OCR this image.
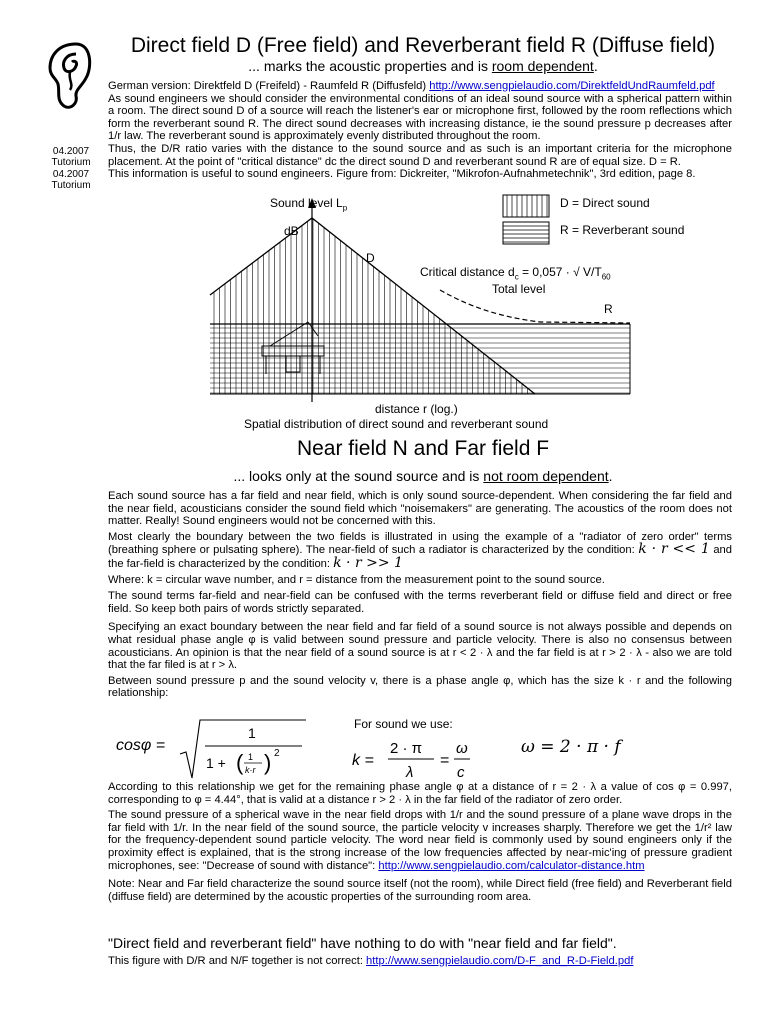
04.2007
Tutorium
04.2007
Tutorium
Direct field D (Free field) and Reverberant field R (Diffuse field)
... marks the acoustic properties and is room dependent.
German version: Direktfeld D (Freifeld) - Raumfeld R (Diffusfeld) http://www.sengpielaudio.com/DirektfeldUndRaumfeld.pdf
As sound engineers we should consider the environmental conditions of an ideal sound source with a spherical pattern within a room. The direct sound D of a source will reach the listener's ear or microphone first, followed by the room reflections which form the reverberant sound R. The direct sound decreases with increasing distance, ie the sound pressure p decreases after 1/r law. The reverberant sound is approximately evenly distributed throughout the room.
Thus, the D/R ratio varies with the distance to the sound source and as such is an important criteria for the microphone placement. At the point of "critical distance" dc the direct sound D and reverberant sound R are of equal size. D = R.
This information is useful to sound engineers. Figure from: Dickreiter, "Mikrofon-Aufnahmetechnik", 3rd edition, page 8.
Sound level $L_p$
dB
D
R
D = Direct sound
R = Reverberant sound
Critical distance $d_c = 0,057$ · √ $V/T_{60}$
Total level
distance r (log.)
Spatial distribution of direct sound and reverberant sound
Near field N and Far field F
... looks only at the sound source and is not room dependent.
Each sound source has a far field and near field, which is only sound source-dependent. When considering the far field and the near field, acousticians consider the sound field which "noisemakers" are generating. The acoustics of the room does not matter. Really! Sound engineers would not be concerned with this.
Most clearly the boundary between the two fields is illustrated in using the example of a "radiator of zero order" terms (breathing sphere or pulsating sphere). The near-field of such a radiator is characterized by the condition: k · r << 1 and the far-field is characterized by the condition: k · r >> 1
Where: k = circular wave number, and r = distance from the measurement point to the sound source.
The sound terms far-field and near-field can be confused with the terms reverberant field or diffuse field and direct or free field. So keep both pairs of words strictly separated.
Specifying an exact boundary between the near field and far field of a sound source is not always possible and depends on what residual phase angle φ is valid between sound pressure and particle velocity. There is also no consensus between acousticians. An opinion is that the near field of a sound source is at r < 2 · λ and the far field is at r > 2 · λ - also we are told that the far filed is at r > λ.
Between sound pressure p and the sound velocity v, there is a phase angle φ, which has the size k · r and the following relationship:
For sound we use:
cosφ =
1
1 + ( 1
k·r ) 2	k =
2 · π
λ
=
ω
c
ω = 2 · π · f
According to this relationship we get for the remaining phase angle φ at a distance of r = 2 · λ a value of cos φ = 0.997, corresponding to φ = 4.44°, that is valid at a distance r > 2 · λ in the far field of the radiator of zero order.
The sound pressure of a spherical wave in the near field drops with 1/r and the sound pressure of a plane wave drops in the far field with 1/r. In the near field of the sound source, the particle velocity v increases sharply. Therefore we get the 1/r² law for the frequency-dependent sound particle velocity. The word near field is commonly used by sound engineers only if the proximity effect is explained, that is the strong increase of the low frequencies affected by near-mic'ing of pressure gradient microphones, see: "Decrease of sound with distance": http://www.sengpielaudio.com/calculator-distance.htm
Note: Near and Far field characterize the sound source itself (not the room), while Direct field (free field) and Reverberant field (diffuse field) are determined by the acoustic properties of the surrounding room area.
"Direct field and reverberant field" have nothing to do with "near field and far field".
This figure with D/R and N/F together is not correct: http://www.sengpielaudio.com/D-F_and_R-D-Field.pdf
